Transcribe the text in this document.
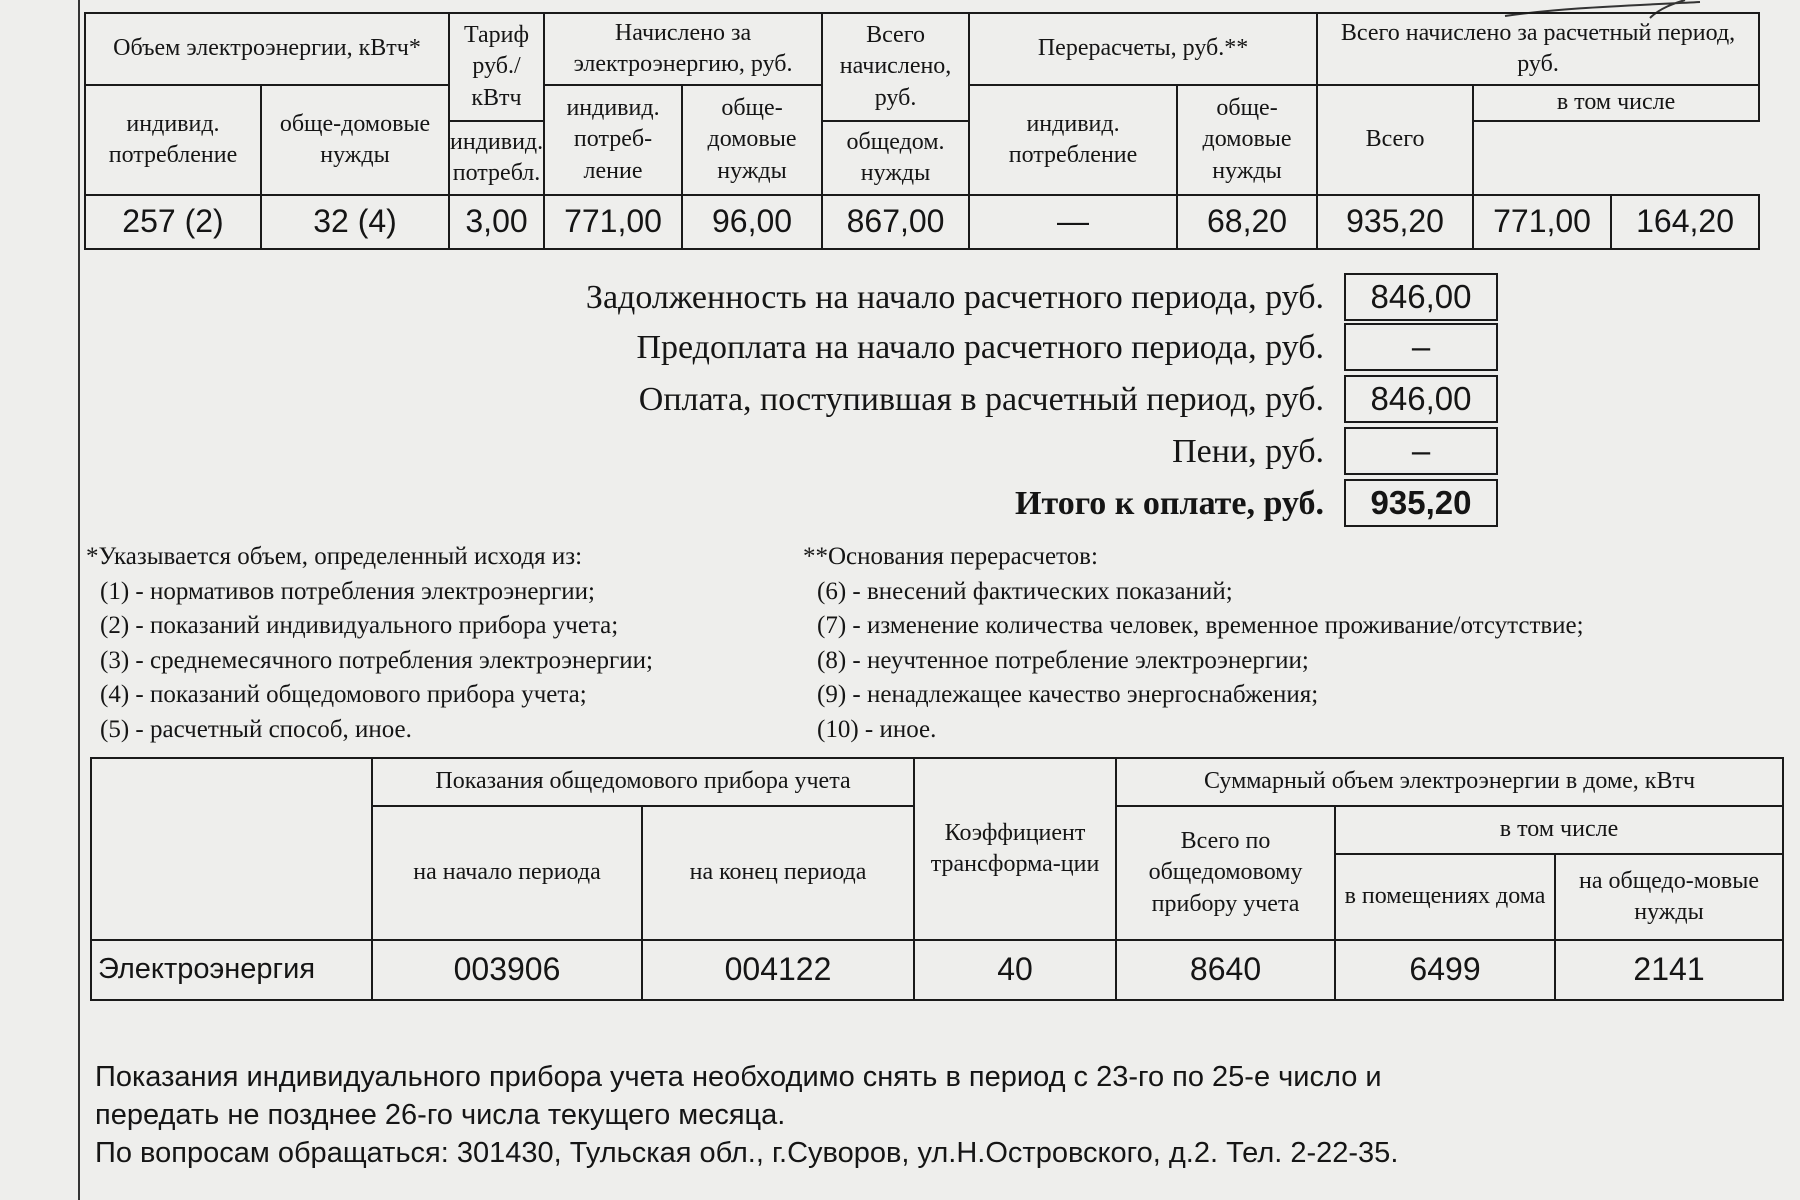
Объем электроэнергии, кВтч*		Тариф руб./ кВтч	Начислено за электроэнергию, руб.		Всего начислено, руб.	Перерасчеты, руб.**		Всего начислено за расчетный период, руб.		
индивид. потребление	обще-домовые нужды		индивид. потреб-ление	обще-домовые нужды		индивид. потребление	обще-домовые нужды	Всего	в том числе	
		индивид. потребл.			общедом. нужды					
257 (2)	32 (4)	3,00	771,00	96,00	867,00	—	68,20	935,20	771,00	164,20
Задолженность на начало расчетного периода, руб.	846,00
Предоплата на начало расчетного периода, руб.	–
Оплата, поступившая в расчетный период, руб.	846,00
Пени, руб.	–
Итого к оплате, руб.	935,20
*Указывается объем, определенный исходя из:
(1) - нормативов потребления электроэнергии;
(2) - показаний индивидуального прибора учета;
(3) - среднемесячного потребления электроэнергии;
(4) - показаний общедомового прибора учета;
(5) - расчетный способ, иное.
**Основания перерасчетов:
(6) - внесений фактических показаний;
(7) - изменение количества человек, временное проживание/отсутствие;
(8) - неучтенное потребление электроэнергии;
(9) - ненадлежащее качество энергоснабжения;
(10) - иное.
	Показания общедомового прибора учета		Коэффициент трансформа-ции	Суммарный объем электроэнергии в доме, кВтч		
	на начало периода	на конец периода		Всего по общедомовому прибору учета	в том числе	
					в помещениях дома	на общедо-мовые нужды
Электроэнергия	003906	004122	40	8640	6499	2141
Показания индивидуального прибора учета необходимо снять в период с 23-го по 25-е число и
передать не позднее 26-го числа текущего месяца.
По вопросам обращаться: 301430, Тульская обл., г.Суворов, ул.Н.Островского, д.2. Тел. 2-22-35.
